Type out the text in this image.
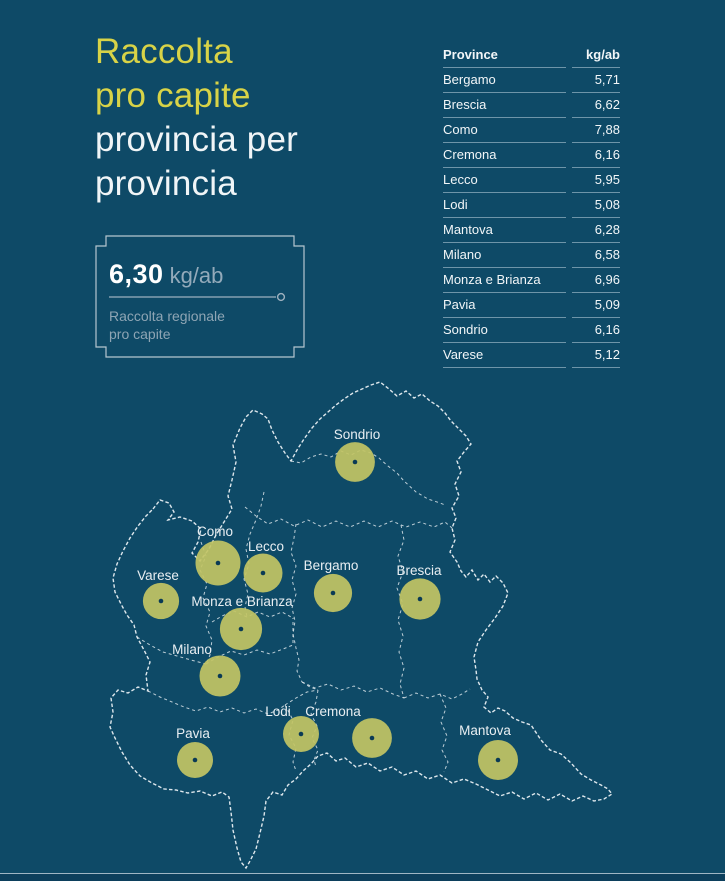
Raccolta
pro capite
provincia per
provincia
6,30 kg/ab
Raccolta regionale
pro capite
Province	kg/ab
Bergamo	5,71
Brescia	6,62
Como	7,88
Cremona	6,16
Lecco	5,95
Lodi	5,08
Mantova	6,28
Milano	6,58
Monza e Brianza	6,96
Pavia	5,09
Sondrio	6,16
Varese	5,12
Sondrio
Como
Lecco
Varese
Bergamo	Brescia
Monza e Brianza
Milano
Lodi Cremona
Pavia	Mantova
